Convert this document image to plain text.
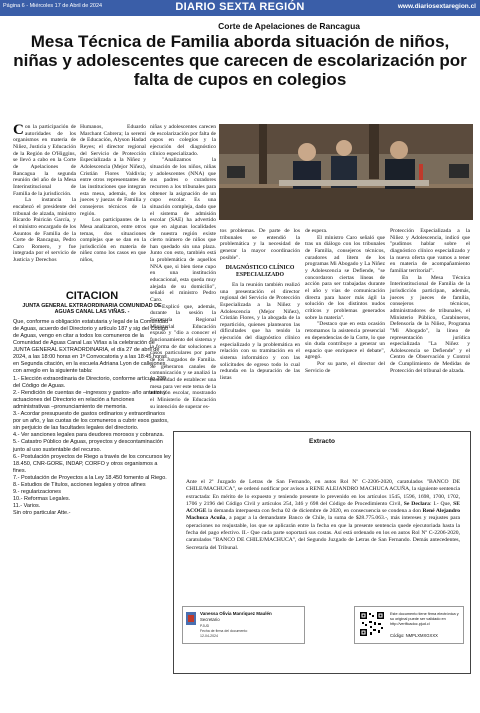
Página 6 - Miércoles 17 de Abril de 2024	DIARIO SEXTA REGIÓN	www.diariosextaregion.cl
Corte de Apelaciones de Rancagua
Mesa Técnica de Familia aborda situación de niños, niñas y adolescentes que carecen de escolarización por falta de cupos en colegios

Con la participación de autoridades de los organismos en materia de Niñez, Justicia y Educación de la Región de O'Higgins, se llevó a cabo en la Corte de Apelaciones de Rancagua la segunda reunión del año de la Mesa Interinstitucional de Familia de la jurisdicción.

La instancia la encabezó el presidente del tribunal de alzada, ministro Ricardo Pairicán García, y el ministro encargado de los Asuntos de Familia de la Corte de Rancagua, Pedro Caro Romero, y fue integrada por el servicio de Justicia y Derechos

Humanos, Eduardo Marchant Cabrera; la seremi de Educación, Alyson Hadad Reyes; el director regional del Servicio de Protección Especializada a la Niñez y Adolescencia (Mejor Niñez), Cristián Flores Valdivia; entre otros representantes de las instituciones que integran esta mesa, además, de los jueces y juezas de Familia y consejeros técnicos de la región.

Los participantes de la Mesa analizaron, entre otros temas, dos situaciones complejas que se dan en la jurisdicción en materia de niñez como los casos en que niños,

niñas y adolescentes carecen de escolarización por falta de cupos en colegios y la ejecución del diagnóstico clínico especializado.

"Analizamos la situación de los niños, niñas y adolescentes (NNA) que sus padres o curadores recurren a los tribunales para obtener la asignación de un cupo escolar. Es una situación compleja, dado que el sistema de admisión escolar (SAE) ha advertido que en algunas localidades de nuestra región existe cierto número de niños que han quedado sin una plaza. Junto con esto, también está la problemática de aquellos NNA que, si bien tiene cupo en una institución educacional, esta queda muy alejada de su domicilio", señaló el ministro Pedro Caro.

Explicó que, además, durante la sesión la Secretaría Regional Ministerial Educación expuso y "dio a conocer el funcionamiento del sistema y la forma de dar soluciones a casos particulares por parte de los Juzgados de Familia. Se generaron canales de comunicación y se analizó la posibilidad de establecer una mesa para ver este tema de la admisión escolar, mostrando el Ministerio de Educación su intención de superar es-

tos problemas. De parte de los tribunales se entendió la problemática y la necesidad de generar la mayor coordinación posible".

DIAGNÓSTICO CLÍNICO ESPECIALIZADO

En la reunión también realizó una presentación el director regional del Servicio de Protección Especializada a la Niñez y Adolescencia (Mejor Niñez), Cristián Flores, y la abogada de la repartición, quienes plantearon las dificultades que ha tenido la ejecución del diagnóstico clínico especializado y la problemática en relación con su tramitación en el sistema informático y con las solicitudes de egreso todo lo cual redunda en la depuración de las listas

de espera.

El ministro Caro señaló que tras un diálogo con los tribunales de Familia, consejeros técnicos, curadores ad litem de los programas Mi Abogado y La Niñez y Adolescencia se Defiende, "se concordaron ciertas líneas de acción para ser trabajadas durante el año y vías de comunicación directa para hacer más ágil la solución de los distintos nudos críticos y problemas generados sobre la materia".

"Destaco que en esta ocasión retomamos la asistencia presencial en dependencias de la Corte, lo que sin duda contribuye a generar un espacio que enriquece el debate", agregó.

Por su parte, el director del Servicio de

Protección Especializada a la Niñez y Adolescencia, indicó que "pudimos hablar sobre el diagnóstico clínico especializado y la nueva oferta que vamos a tener en materia de acompañamiento familiar territorial".

En la Mesa Técnica Interinstitucional de Familia de la jurisdicción participan, además, jueces y jueces de familia, consejeros técnicos, administradores de tribunales, el Ministerio Público, Carabineros, Defensoría de la Niñez, Programa "Mi Abogado", la línea de representación jurídica especializada "La Niñez y Adolescencia se Defiende" y el Centro de Observación y Control de Cumplimiento de Medidas de Protección del tribunal de alzada.

CITACION
JUNTA GENERAL EXTRAORDINARIA COMUNIDAD DE AGUAS CANAL LAS VIÑAS. -

Que, conforme a obligación estatutaria y legal de la Comunidad de Aguas, acuerdo del Directorio y artículo 187 y sig del Código de Aguas, vengo en citar a todos los comuneros de la Comunidad de Aguas Canal Las Viñas a la celebración de JUNTA GENERAL EXTRAORDINARIA, el día 27 de abril de 2024, a las 18:00 horas en 1ª Convocatoria y a las 18:45 horas en Segunda citación, en la escuela Adriana Lyon de callejones, con arreglo en la siguiente tabla:

1.- Elección extraordinaria de Directorio, conforme artículo 230 del Código de Aguas.

2.- Rendición de cuentas de –ingresos y gastos- año anterior y actuaciones del Directorio en relación a funciones administrativas –pronunciamiento de memoria.

3.- Acordar presupuesto de gastos ordinarios y extraordinarios por un año, y las cuotas de los comuneros a cubrir esos gastos, sin perjuicio de las facultades legales del directorio.

4.- Ver sanciones legales para deudores morosos y cobranza.

5.- Catastro Público de Aguas, proyectos y descontaminación junto al uso sustentable del recurso.

6.- Postulación proyectos de Riego a través de los concursos ley 18.450, CNR-GORE, INDAP, CORFO y otros organismos a fines.

7.- Postulación de Proyectos a la Ley 18.450 fomento al Riego.

8.- Estudios de Títulos, acciones legales y otros afines

9.- regularizaciones

10.- Reformas Legales.

11.- Varios.

Sin otro particular Atte.-

Extracto
Ante el 2º Juzgado de Letras de San Fernando, en autos Rol Nº C-2206-2020, caratulados "BANCO DE CHILE/MACHUCA", se ordenó notificar por avisos a RENE ALEJANDRO MACHUCA ACUÑA, la siguiente sentencia extractada: En mérito de lo expuesto y teniendo presente lo prevenido en los artículos 1545, 1596, 1698, 1700, 1702, 1706 y 2196 del Código Civil y artículos 254, 346 y 698 del Código de Procedimiento Civil, Se Declara: I.- Que, SE ACOGE la demanda interpuesta con fecha 02 de diciembre de 2020, en consecuencia se condena a don René Alejandro Machuca Acuña, a pagar a la demandante Banco de Chile, la suma de $28.775.063.-, más intereses y reajustes para operaciones no reajustable, los que se aplicarán entre la fecha en que la presente sentencia quede ejecutoriada hasta la fecha del pago efectivo. II.- Que cada parte soportará sus costas. Así está ordenado en los en autos Rol Nº C-2206-2020, caratulados "BANCO DE CHILE/MACHUCA", del Segundo Juzgado de Letras de San Fernando. Demás antecedentes, Secretaria del Tribunal.
Vanessa Olivia Manriquez Maulén
Secretario
PJUD
Fecha de firma del documento
12-04-2024
Este documento tiene firma electrónica y su original puede ser validado en http://verificadoc.pjud.cl
Código: NMPLXMXGXXX
